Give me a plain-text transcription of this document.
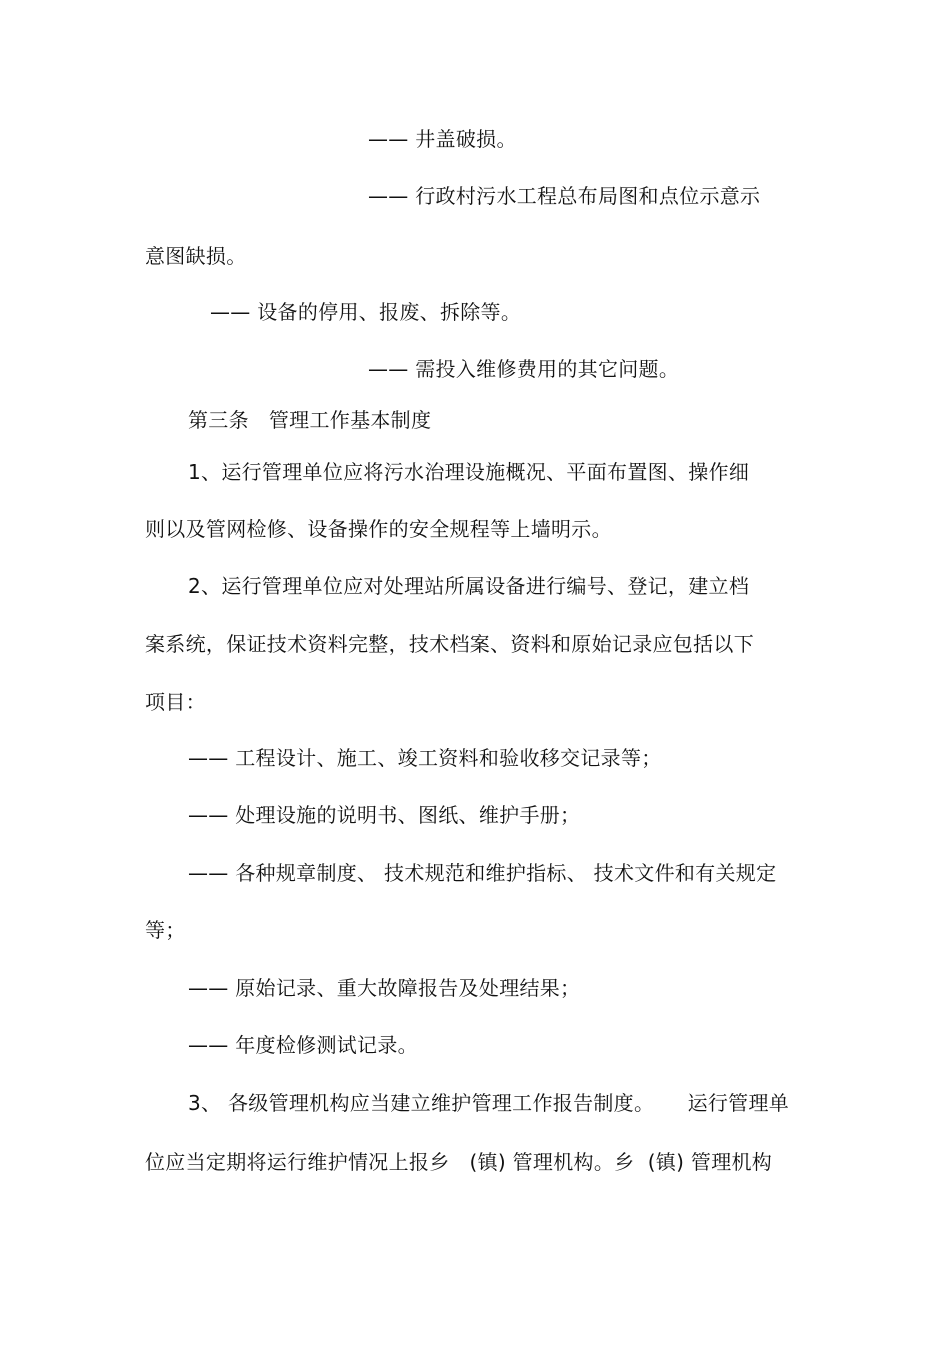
—— 井盖破损。
—— 行政村污水工程总布局图和点位示意示
意图缺损。
—— 设备的停用、报废、拆除等。
—— 需投入维修费用的其它问题。
第三条   管理工作基本制度
1、运行管理单位应将污水治理设施概况、平面布置图、操作细
则以及管网检修、设备操作的安全规程等上墙明示。
2、运行管理单位应对处理站所属设备进行编号、登记，建立档
案系统，保证技术资料完整，技术档案、资料和原始记录应包括以下
项目：
—— 工程设计、施工、竣工资料和验收移交记录等；
—— 处理设施的说明书、图纸、维护手册；
—— 各种规章制度、 技术规范和维护指标、 技术文件和有关规定
等；
—— 原始记录、重大故障报告及处理结果；
—— 年度检修测试记录。
3、 各级管理机构应当建立维护管理工作报告制度。     运行管理单
位应当定期将运行维护情况上报乡   (镇) 管理机构。乡  (镇) 管理机构
